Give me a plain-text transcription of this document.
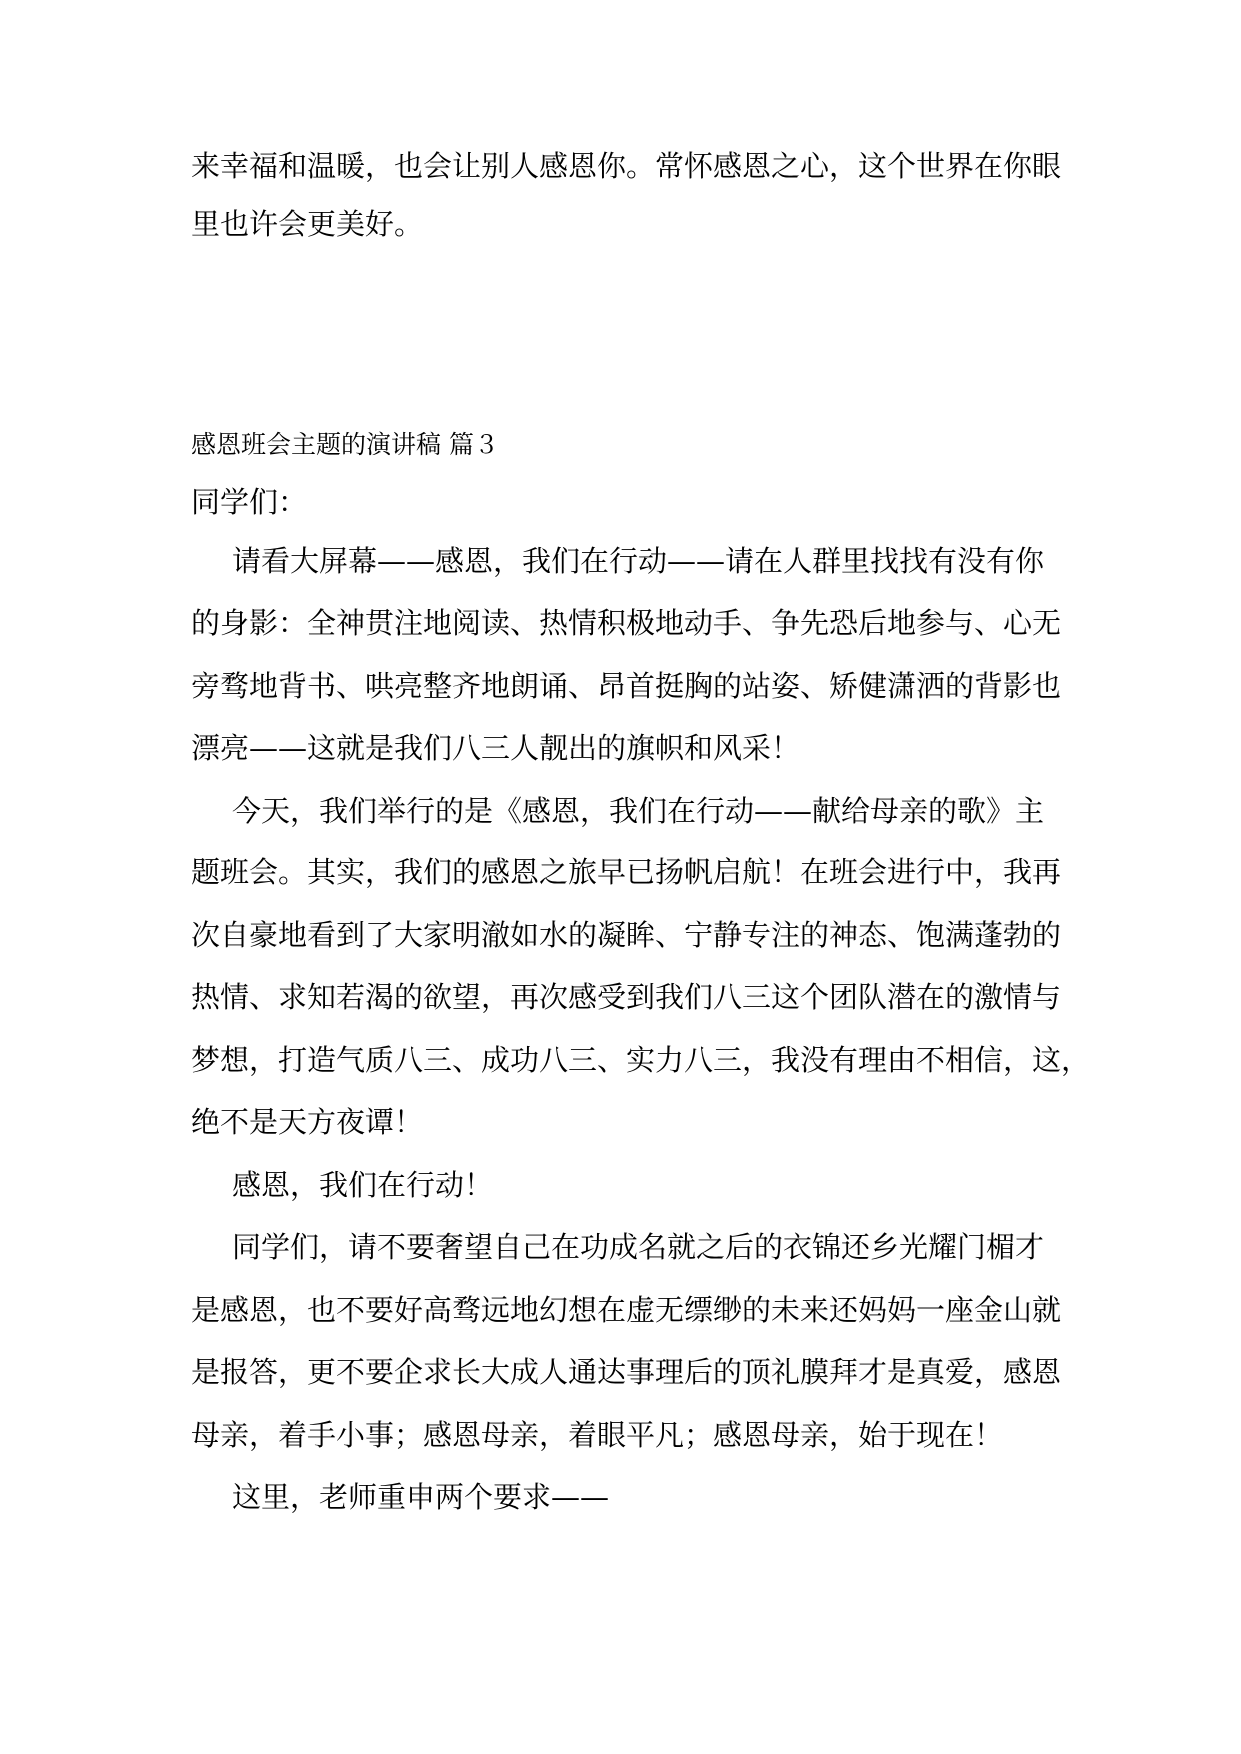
来幸福和温暖，也会让别人感恩你。常怀感恩之心，这个世界在你眼
里也许会更美好。
感恩班会主题的演讲稿 篇３
同学们：
请看大屏幕——感恩，我们在行动——请在人群里找找有没有你
的身影：全神贯注地阅读、热情积极地动手、争先恐后地参与、心无
旁骛地背书、哄亮整齐地朗诵、昂首挺胸的站姿、矫健潇洒的背影也
漂亮——这就是我们八三人靓出的旗帜和风采！
今天，我们举行的是《感恩，我们在行动——献给母亲的歌》主
题班会。其实，我们的感恩之旅早已扬帆启航！在班会进行中，我再
次自豪地看到了大家明澈如水的凝眸、宁静专注的神态、饱满蓬勃的
热情、求知若渴的欲望，再次感受到我们八三这个团队潜在的激情与
梦想，打造气质八三、成功八三、实力八三，我没有理由不相信，这，
绝不是天方夜谭！
感恩，我们在行动！
同学们，请不要奢望自己在功成名就之后的衣锦还乡光耀门楣才
是感恩，也不要好高骛远地幻想在虚无缥缈的未来还妈妈一座金山就
是报答，更不要企求长大成人通达事理后的顶礼膜拜才是真爱，感恩
母亲，着手小事；感恩母亲，着眼平凡；感恩母亲，始于现在！
这里，老师重申两个要求——
